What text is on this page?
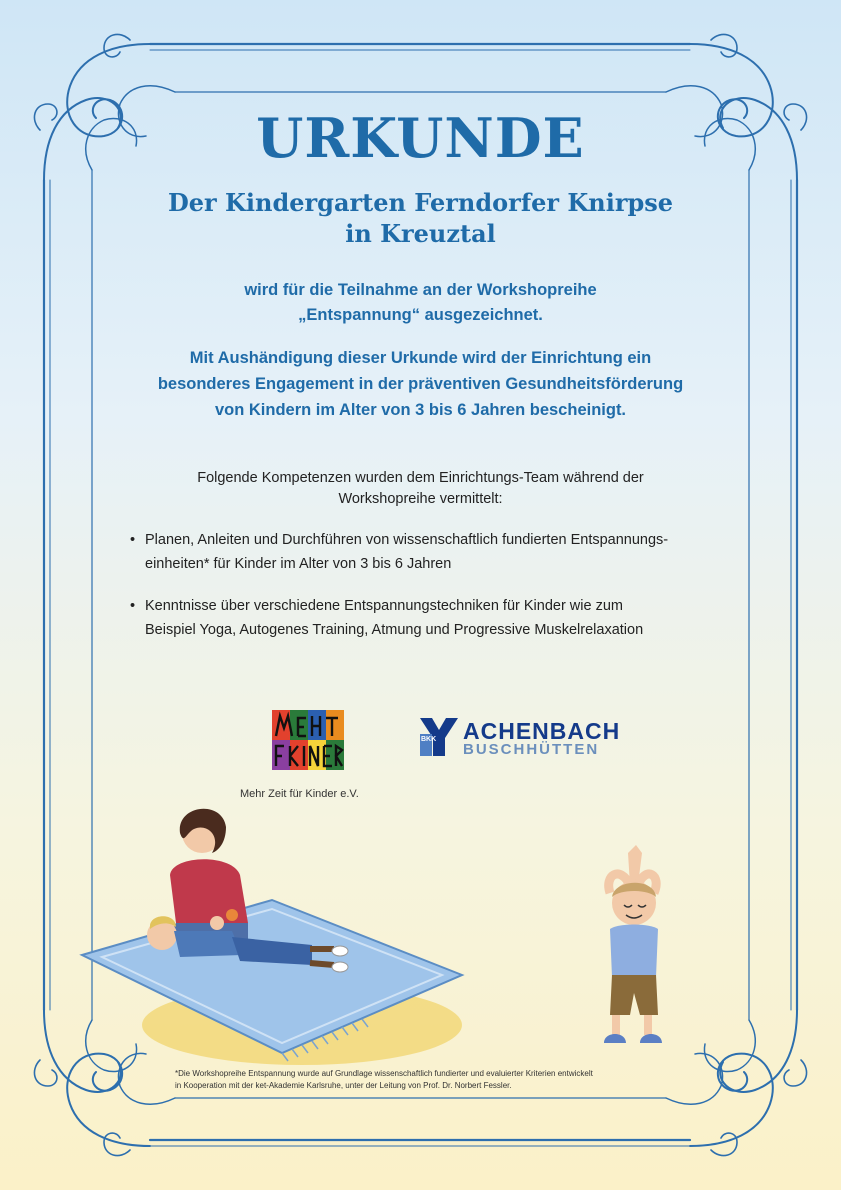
URKUNDE
Der Kindergarten Ferndorfer Knirpse
in Kreuztal
wird für die Teilnahme an der Workshopreihe
„Entspannung“ ausgezeichnet.
Mit Aushändigung dieser Urkunde wird der Einrichtung ein
besonderes Engagement in der präventiven Gesundheitsförderung
von Kindern im Alter von 3 bis 6 Jahren bescheinigt.
Folgende Kompetenzen wurden dem Einrichtungs-Team während der
Workshopreihe vermittelt:
• Planen, Anleiten und Durchführen von wissenschaftlich fundierten Entspannungs-
einheiten* für Kinder im Alter von 3 bis 6 Jahren
• Kenntnisse über verschiedene Entspannungstechniken für Kinder wie zum
Beispiel Yoga, Autogenes Training, Atmung und Progressive Muskelrelaxation
Mehr Zeit für Kinder e.V.
BKK ACHENBACH
BUSCHHÜTTEN
*Die Workshopreihe Entspannung wurde auf Grundlage wissenschaftlich fundierter und evaluierter Kriterien entwickelt
in Kooperation mit der ket-Akademie Karlsruhe, unter der Leitung von Prof. Dr. Norbert Fessler.
